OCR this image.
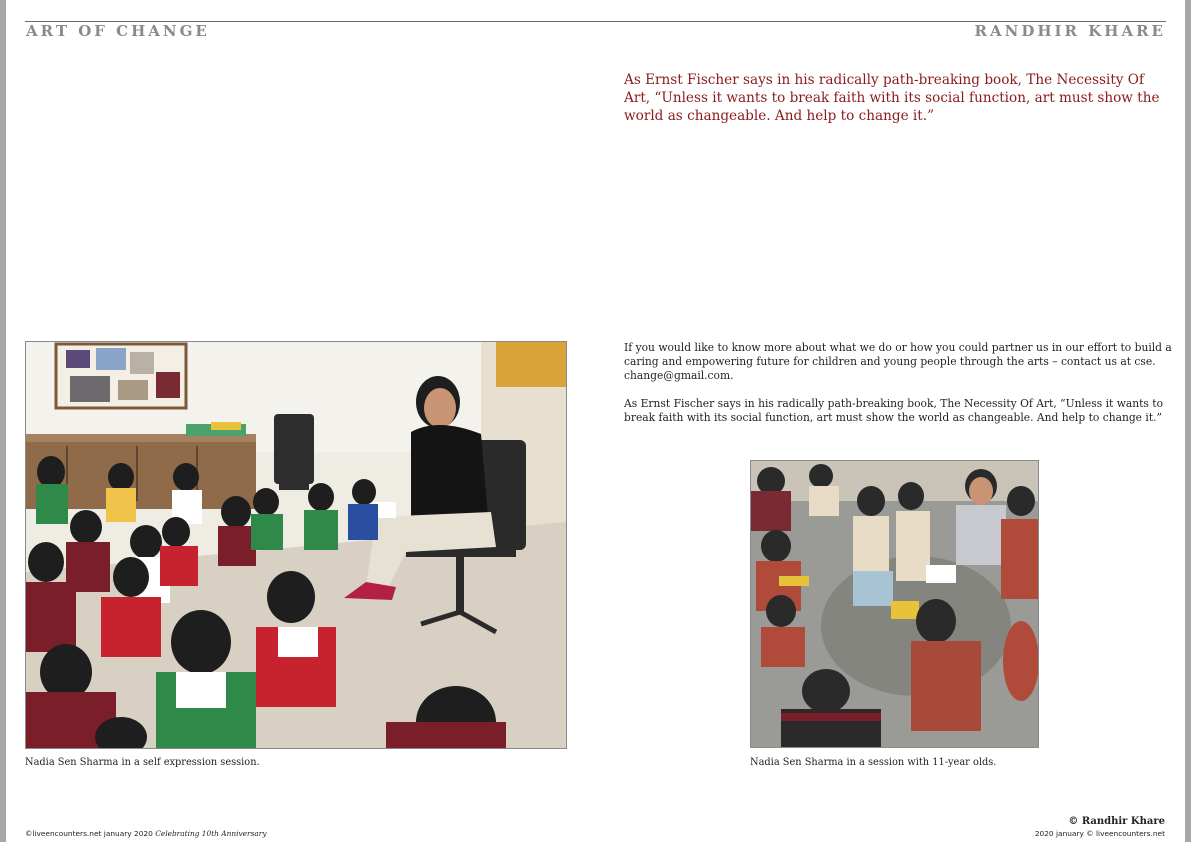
ART OF CHANGE	RANDHIR KHARE

As Ernst Fischer says in his radically path-breaking book, The Necessity Of Art, “Unless it wants to break faith with its social function, art must show the world as changeable. And help to change it.”

If you would like to know more about what we do or how you could partner us in our effort to build a caring and empowering future for children and young people through the arts – contact us at cse. change@gmail.com.

As Ernst Fischer says in his radically path-breaking book, The Necessity Of Art, “Unless it wants to break faith with its social function, art must show the world as changeable. And help to change it.”

Nadia Sen Sharma in a self expression session.	Nadia Sen Sharma in a session with 11-year olds.

©liveencounters.net january 2020 Celebrating 10th Anniversary
© Randhir Khare
2020 january © liveencounters.net
